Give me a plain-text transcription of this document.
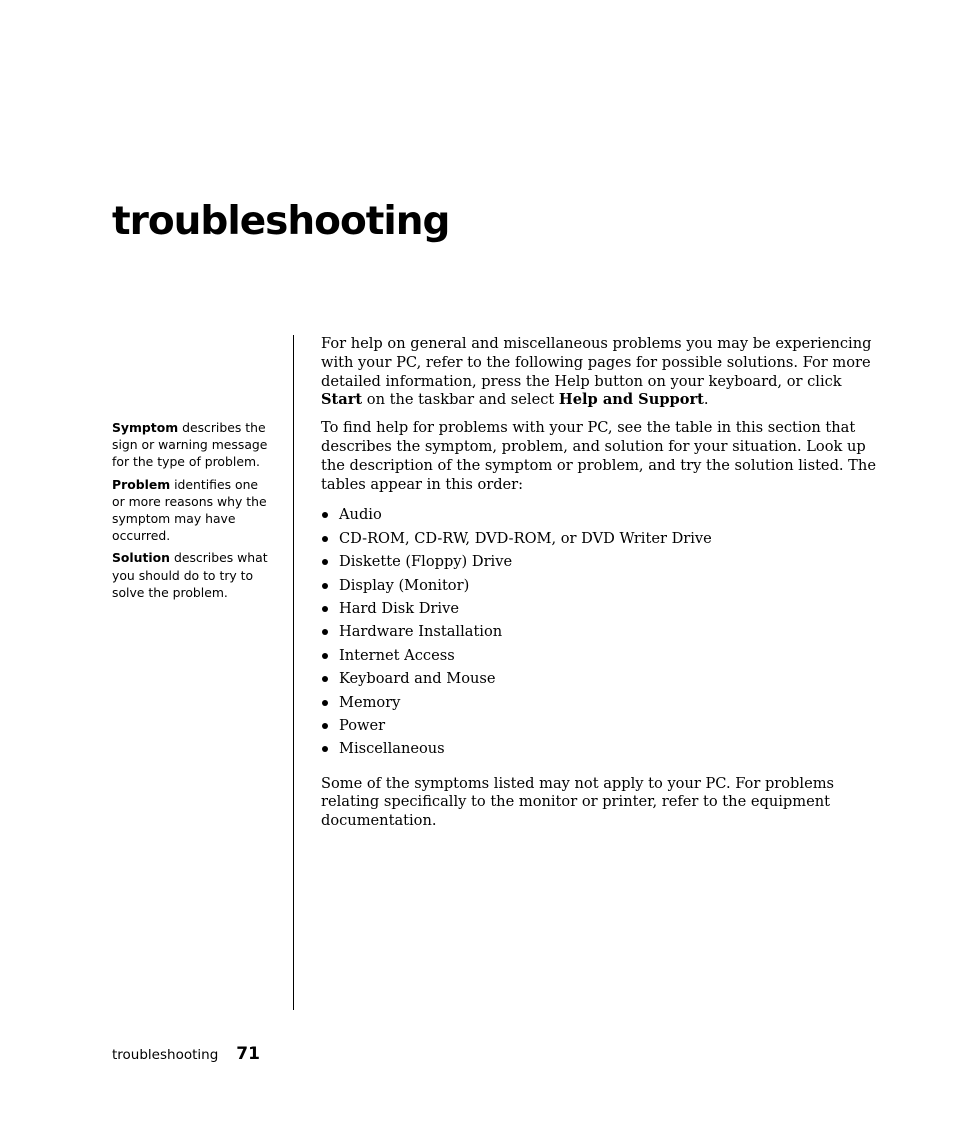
troubleshooting

Symptom describes the sign or warning message for the type of problem.

Problem identifies one or more reasons why the symptom may have occurred.

Solution describes what you should do to try to solve the problem.

For help on general and miscellaneous problems you may be experiencing with your PC, refer to the following pages for possible solutions. For more detailed information, press the Help button on your keyboard, or click Start on the taskbar and select Help and Support.

To find help for problems with your PC, see the table in this section that describes the symptom, problem, and solution for your situation. Look up the description of the symptom or problem, and try the solution listed. The tables appear in this order:

Audio
CD-ROM, CD-RW, DVD-ROM, or DVD Writer Drive
Diskette (Floppy) Drive
Display (Monitor)
Hard Disk Drive
Hardware Installation
Internet Access
Keyboard and Mouse
Memory
Power
Miscellaneous

Some of the symptoms listed may not apply to your PC. For problems relating specifically to the monitor or printer, refer to the equipment documentation.

troubleshooting 71
